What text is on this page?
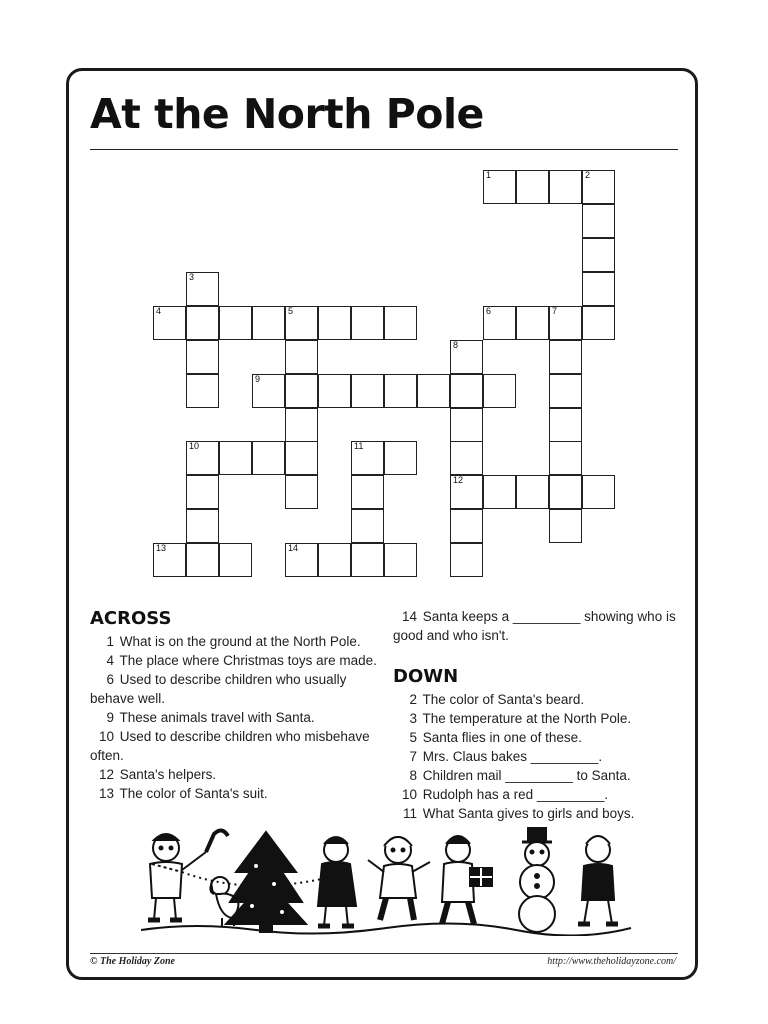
At the North Pole
1	2
3
4	5	6	7
8
9
10	11
12
13	14
ACROSS

1 What is on the ground at the North Pole.

4 The place where Christmas toys are made.

6 Used to describe children who usually behave well.

9 These animals travel with Santa.

10 Used to describe children who misbehave often.

12 Santa's helpers.

13 The color of Santa's suit.

14 Santa keeps a _________ showing who is good and who isn't.

DOWN

2 The color of Santa's beard.

3 The temperature at the North Pole.

5 Santa flies in one of these.

7 Mrs. Claus bakes _________.

8 Children mail _________ to Santa.

10 Rudolph has a red _________.

11 What Santa gives to girls and boys.

© The Holiday Zone	http://www.theholidayzone.com/
